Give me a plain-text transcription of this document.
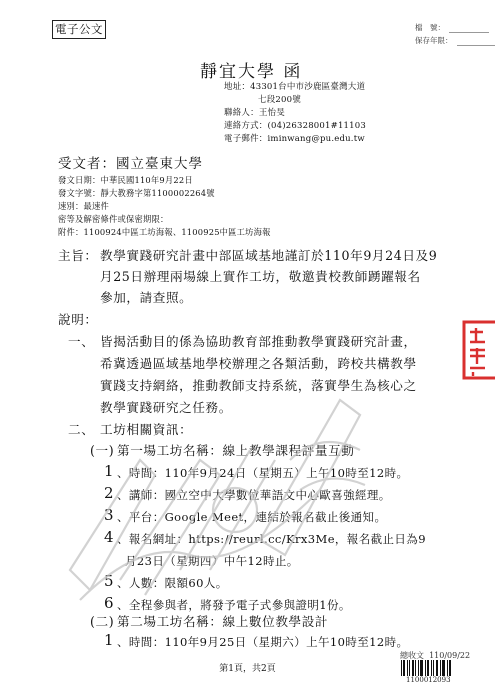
電子公文	檔　號：
保存年限：
靜宜大學 函
地址：43301台中市沙鹿區臺灣大道
七段200號
聯絡人：王怡旻
連絡方式：(04)26328001#11103
電子郵件：iminwang@pu.edu.tw
受文者：國立臺東大學
發文日期：中華民國110年9月22日
發文字號：靜大教務字第1100002264號
速別：最速件
密等及解密條件或保密期限：
附件：1100924中區工坊海報、1100925中區工坊海報
主旨： 教學實踐研究計畫中部區域基地謹訂於110年9月24日及9
月25日辦理兩場線上實作工坊，敬邀貴校教師踴躍報名
參加，請查照。
說明：
一、 皆揭活動目的係為協助教育部推動教學實踐研究計畫，
希冀透過區域基地學校辦理之各類活動，跨校共構教學
實踐支持網絡，推動教師支持系統，落實學生為核心之
教學實踐研究之任務。
二、 工坊相關資訊：
(一) 第一場工坊名稱：線上教學課程評量互動
1 、時間：110年9月24日（星期五）上午10時至12時。
2 、講師：國立空中大學數位華語文中心歐喜強經理。
3 、平台：Google Meet，連結於報名截止後通知。
4 、報名網址：https://reurl.cc/Krx3Me，報名截止日為9
月23日（星期四）中午12時止。
5 、人數：限額60人。
6 、全程參與者，將發予電子式參與證明1份。
(二) 第二場工坊名稱：線上數位教學設計
1 、時間：110年9月25日（星期六）上午10時至12時。
第1頁，共2頁
總收文 110/09/22
1100012093
